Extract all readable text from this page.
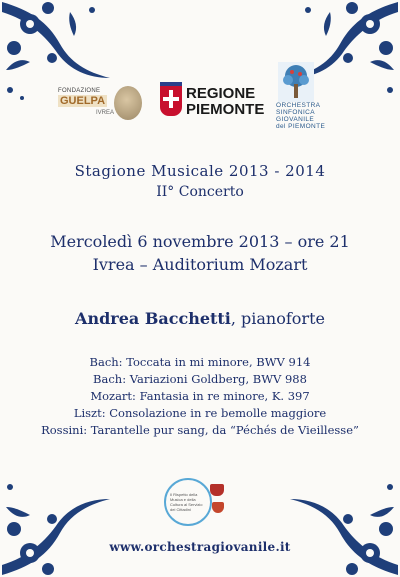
FONDAZIONE
GUELPA
IVREA
REGIONE
PIEMONTE ORCHESTRA
SINFONICA
GIOVANILE
del PIEMONTE
Stagione Musicale 2013 - 2014
II° Concerto
Mercoledì 6 novembre 2013 – ore 21
Ivrea – Auditorium Mozart
Andrea Bacchetti, pianoforte
Bach: Toccata in mi minore, BWV 914
Bach: Variazioni Goldberg, BWV 988
Mozart: Fantasia in re minore, K. 397
Liszt: Consolazione in re bemolle maggiore
Rossini: Tarantelle pur sang, da “Péchés de Vieillesse”
Il Rispetto della Musica e della Cultura al Servizio dei Cittadini
www.orchestragiovanile.it
